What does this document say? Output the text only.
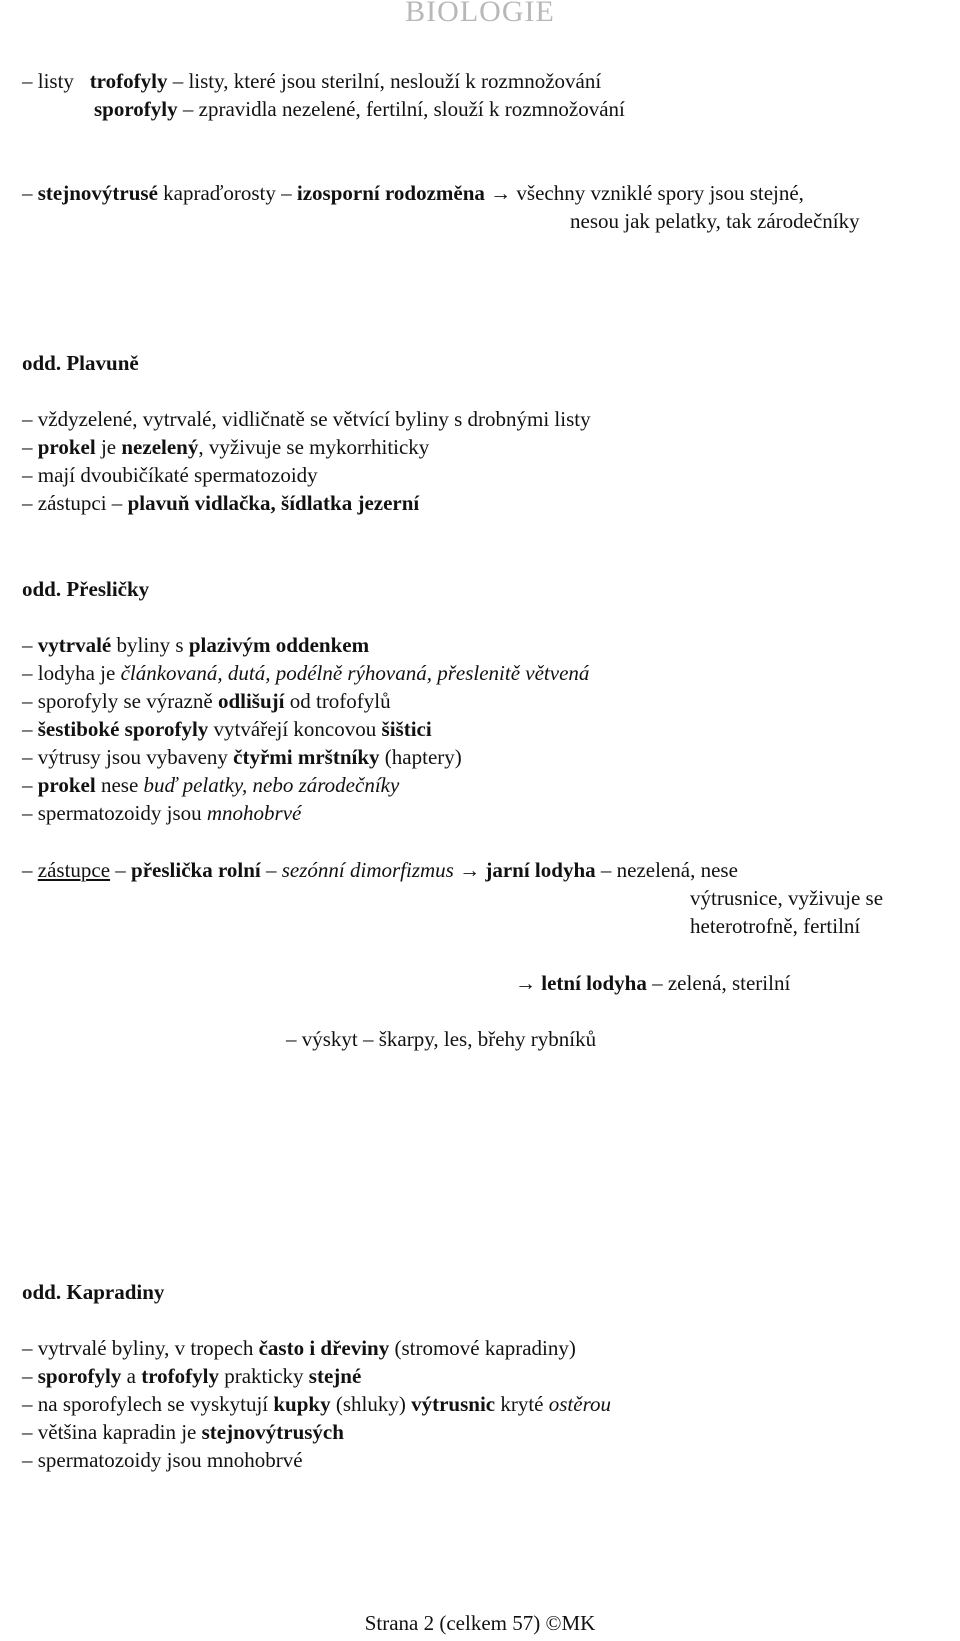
BIOLOGIE
– listy trofofyly – listy, které jsou sterilní, neslouží k rozmnožování
sporofyly – zpravidla nezelené, fertilní, slouží k rozmnožování
– stejnovýtrusé kapraďorosty – izosporní rodozměna → všechny vzniklé spory jsou stejné,
nesou jak pelatky, tak zárodečníky
odd. Plavuně
– vždyzelené, vytrvalé, vidličnatě se větvící byliny s drobnými listy
– prokel je nezelený, vyživuje se mykorrhiticky
– mají dvoubičíkaté spermatozoidy
– zástupci – plavuň vidlačka, šídlatka jezerní
odd. Přesličky
– vytrvalé byliny s plazivým oddenkem
– lodyha je článkovaná, dutá, podélně rýhovaná, přeslenitě větvená
– sporofyly se výrazně odlišují od trofofylů
– šestiboké sporofyly vytvářejí koncovou šištici
– výtrusy jsou vybaveny čtyřmi mrštníky (haptery)
– prokel nese buď pelatky, nebo zárodečníky
– spermatozoidy jsou mnohobrvé
– zástupce – přeslička rolní – sezónní dimorfizmus → jarní lodyha – nezelená, nese
výtrusnice, vyživuje se
heterotrofně, fertilní
→ letní lodyha – zelená, sterilní
– výskyt – škarpy, les, břehy rybníků
odd. Kapradiny
– vytrvalé byliny, v tropech často i dřeviny (stromové kapradiny)
– sporofyly a trofofyly prakticky stejné
– na sporofylech se vyskytují kupky (shluky) výtrusnic kryté ostěrou
– většina kapradin je stejnovýtrusých
– spermatozoidy jsou mnohobrvé
Strana 2 (celkem 57) ©MK
